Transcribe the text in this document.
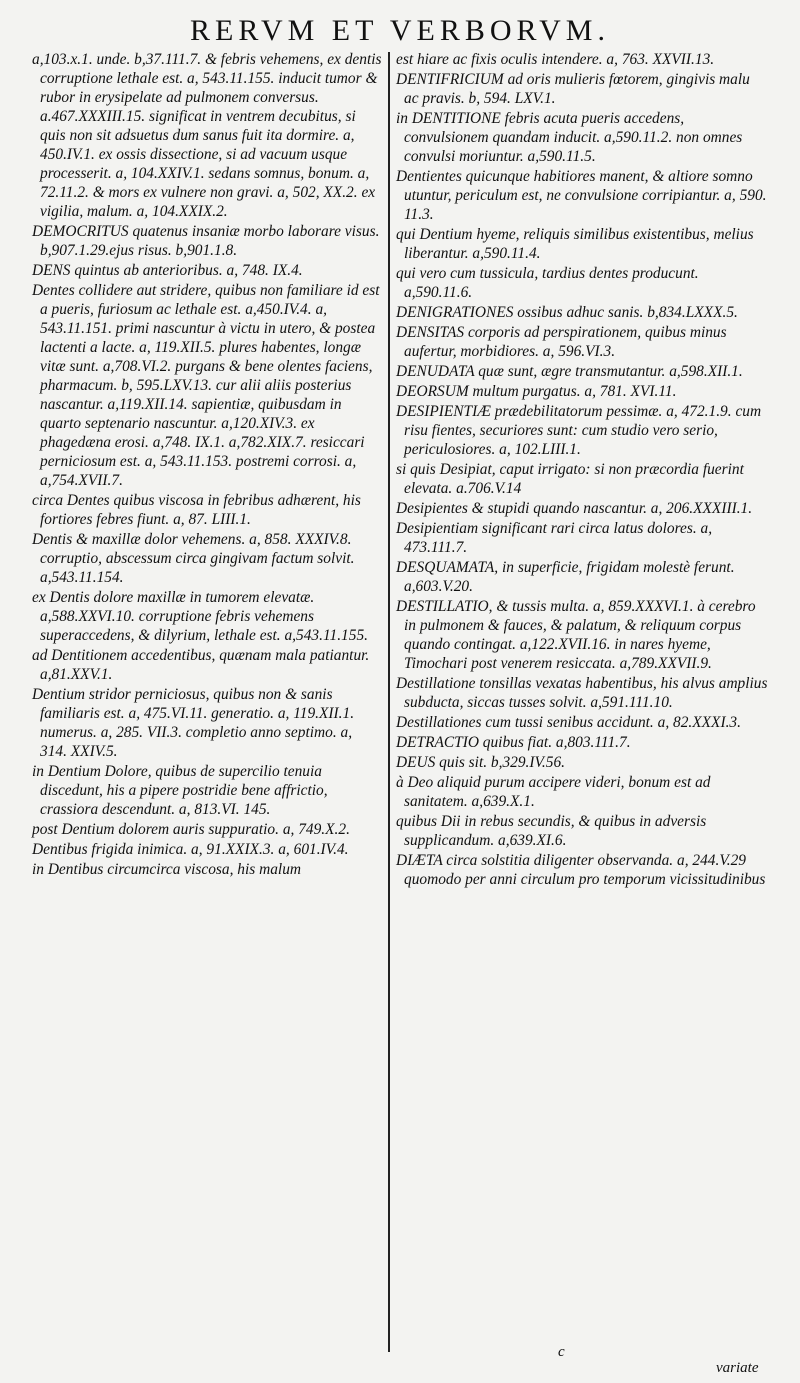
RERVM ET VERBORVM.
a,103.x.1. unde. b,37.111.7. & febris vehemens, ex dentis corruptione lethale est. a, 543.11.155. inducit tumor & rubor in erysipelate ad pulmonem conversus. a.467.XXXIII.15. significat in ventrem decubitus, si quis non sit adsuetus dum sanus fuit ita dormire. a, 450.IV.1. ex ossis dissectione, si ad vacuum usque processerit. a, 104.XXIV.1. sedans somnus, bonum. a, 72.11.2. & mors ex vulnere non gravi. a, 502, XX.2. ex vigilia, malum. a, 104.XXIX.2.
DEMOCRITUS quatenus insaniæ morbo laborare visus. b,907.1.29.ejus risus. b,901.1.8.
DENS quintus ab anterioribus. a, 748. IX.4.
Dentes collidere aut stridere, quibus non familiare id est a pueris, furiosum ac lethale est. a,450.IV.4. a, 543.11.151. primi nascuntur à victu in utero, & postea lactenti a lacte. a, 119.XII.5. plures habentes, longæ vitæ sunt. a,708.VI.2. purgans & bene olentes faciens, pharmacum. b, 595.LXV.13. cur alii aliis posterius nascantur. a,119.XII.14. sapientiæ, quibusdam in quarto septenario nascuntur. a,120.XIV.3. ex phagedæna erosi. a,748. IX.1. a,782.XIX.7. resiccari perniciosum est. a, 543.11.153. postremi corrosi. a, a,754.XVII.7.
circa Dentes quibus viscosa in febribus adhærent, his fortiores febres fiunt. a, 87. LIII.1.
Dentis & maxillæ dolor vehemens. a, 858. XXXIV.8. corruptio, abscessum circa gingivam factum solvit. a,543.11.154.
ex Dentis dolore maxillæ in tumorem elevatæ. a,588.XXVI.10. corruptione febris vehemens superaccedens, & dilyrium, lethale est. a,543.11.155.
ad Dentitionem accedentibus, quænam mala patiantur. a,81.XXV.1.
Dentium stridor perniciosus, quibus non & sanis familiaris est. a, 475.VI.11. generatio. a, 119.XII.1. numerus. a, 285. VII.3. completio anno septimo. a, 314. XXIV.5.
in Dentium Dolore, quibus de supercilio tenuia discedunt, his a pipere postridie bene affrictio, crassiora descendunt. a, 813.VI. 145.
post Dentium dolorem auris suppuratio. a, 749.X.2.
Dentibus frigida inimica. a, 91.XXIX.3. a, 601.IV.4.
in Dentibus circumcirca viscosa, his malum
est hiare ac fixis oculis intendere. a, 763. XXVII.13.
DENTIFRICIUM ad oris mulieris fœtorem, gingivis malu ac pravis. b, 594. LXV.1.
in DENTITIONE febris acuta pueris accedens, convulsionem quandam inducit. a,590.11.2. non omnes convulsi moriuntur. a,590.11.5.
Dentientes quicunque habitiores manent, & altiore somno utuntur, periculum est, ne convulsione corripiantur. a, 590. 11.3.
qui Dentium hyeme, reliquis similibus existentibus, melius liberantur. a,590.11.4.
qui vero cum tussicula, tardius dentes producunt. a,590.11.6.
DENIGRATIONES ossibus adhuc sanis. b,834.LXXX.5.
DENSITAS corporis ad perspirationem, quibus minus aufertur, morbidiores. a, 596.VI.3.
DENUDATA quæ sunt, ægre transmutantur. a,598.XII.1.
DEORSUM multum purgatus. a, 781. XVI.11.
DESIPIENTIÆ prædebilitatorum pessimæ. a, 472.1.9. cum risu fientes, securiores sunt: cum studio vero serio, periculosiores. a, 102.LIII.1.
si quis Desipiat, caput irrigato: si non præcordia fuerint elevata. a.706.V.14
Desipientes & stupidi quando nascantur. a, 206.XXXIII.1.
Desipientiam significant rari circa latus dolores. a, 473.111.7.
DESQUAMATA, in superficie, frigidam molestè ferunt. a,603.V.20.
DESTILLATIO, & tussis multa. a, 859.XXXVI.1. à cerebro in pulmonem & fauces, & palatum, & reliquum corpus quando contingat. a,122.XVII.16. in nares hyeme, Timochari post venerem resiccata. a,789.XXVII.9.
Destillatione tonsillas vexatas habentibus, his alvus amplius subducta, siccas tusses solvit. a,591.111.10.
Destillationes cum tussi senibus accidunt. a, 82.XXXI.3.
DETRACTIO quibus fiat. a,803.111.7.
DEUS quis sit. b,329.IV.56.
à Deo aliquid purum accipere videri, bonum est ad sanitatem. a,639.X.1.
quibus Dii in rebus secundis, & quibus in adversis supplicandum. a,639.XI.6.
DIÆTA circa solstitia diligenter observanda. a, 244.V.29 quomodo per anni circulum pro temporum vicissitudinibus
c
variate
